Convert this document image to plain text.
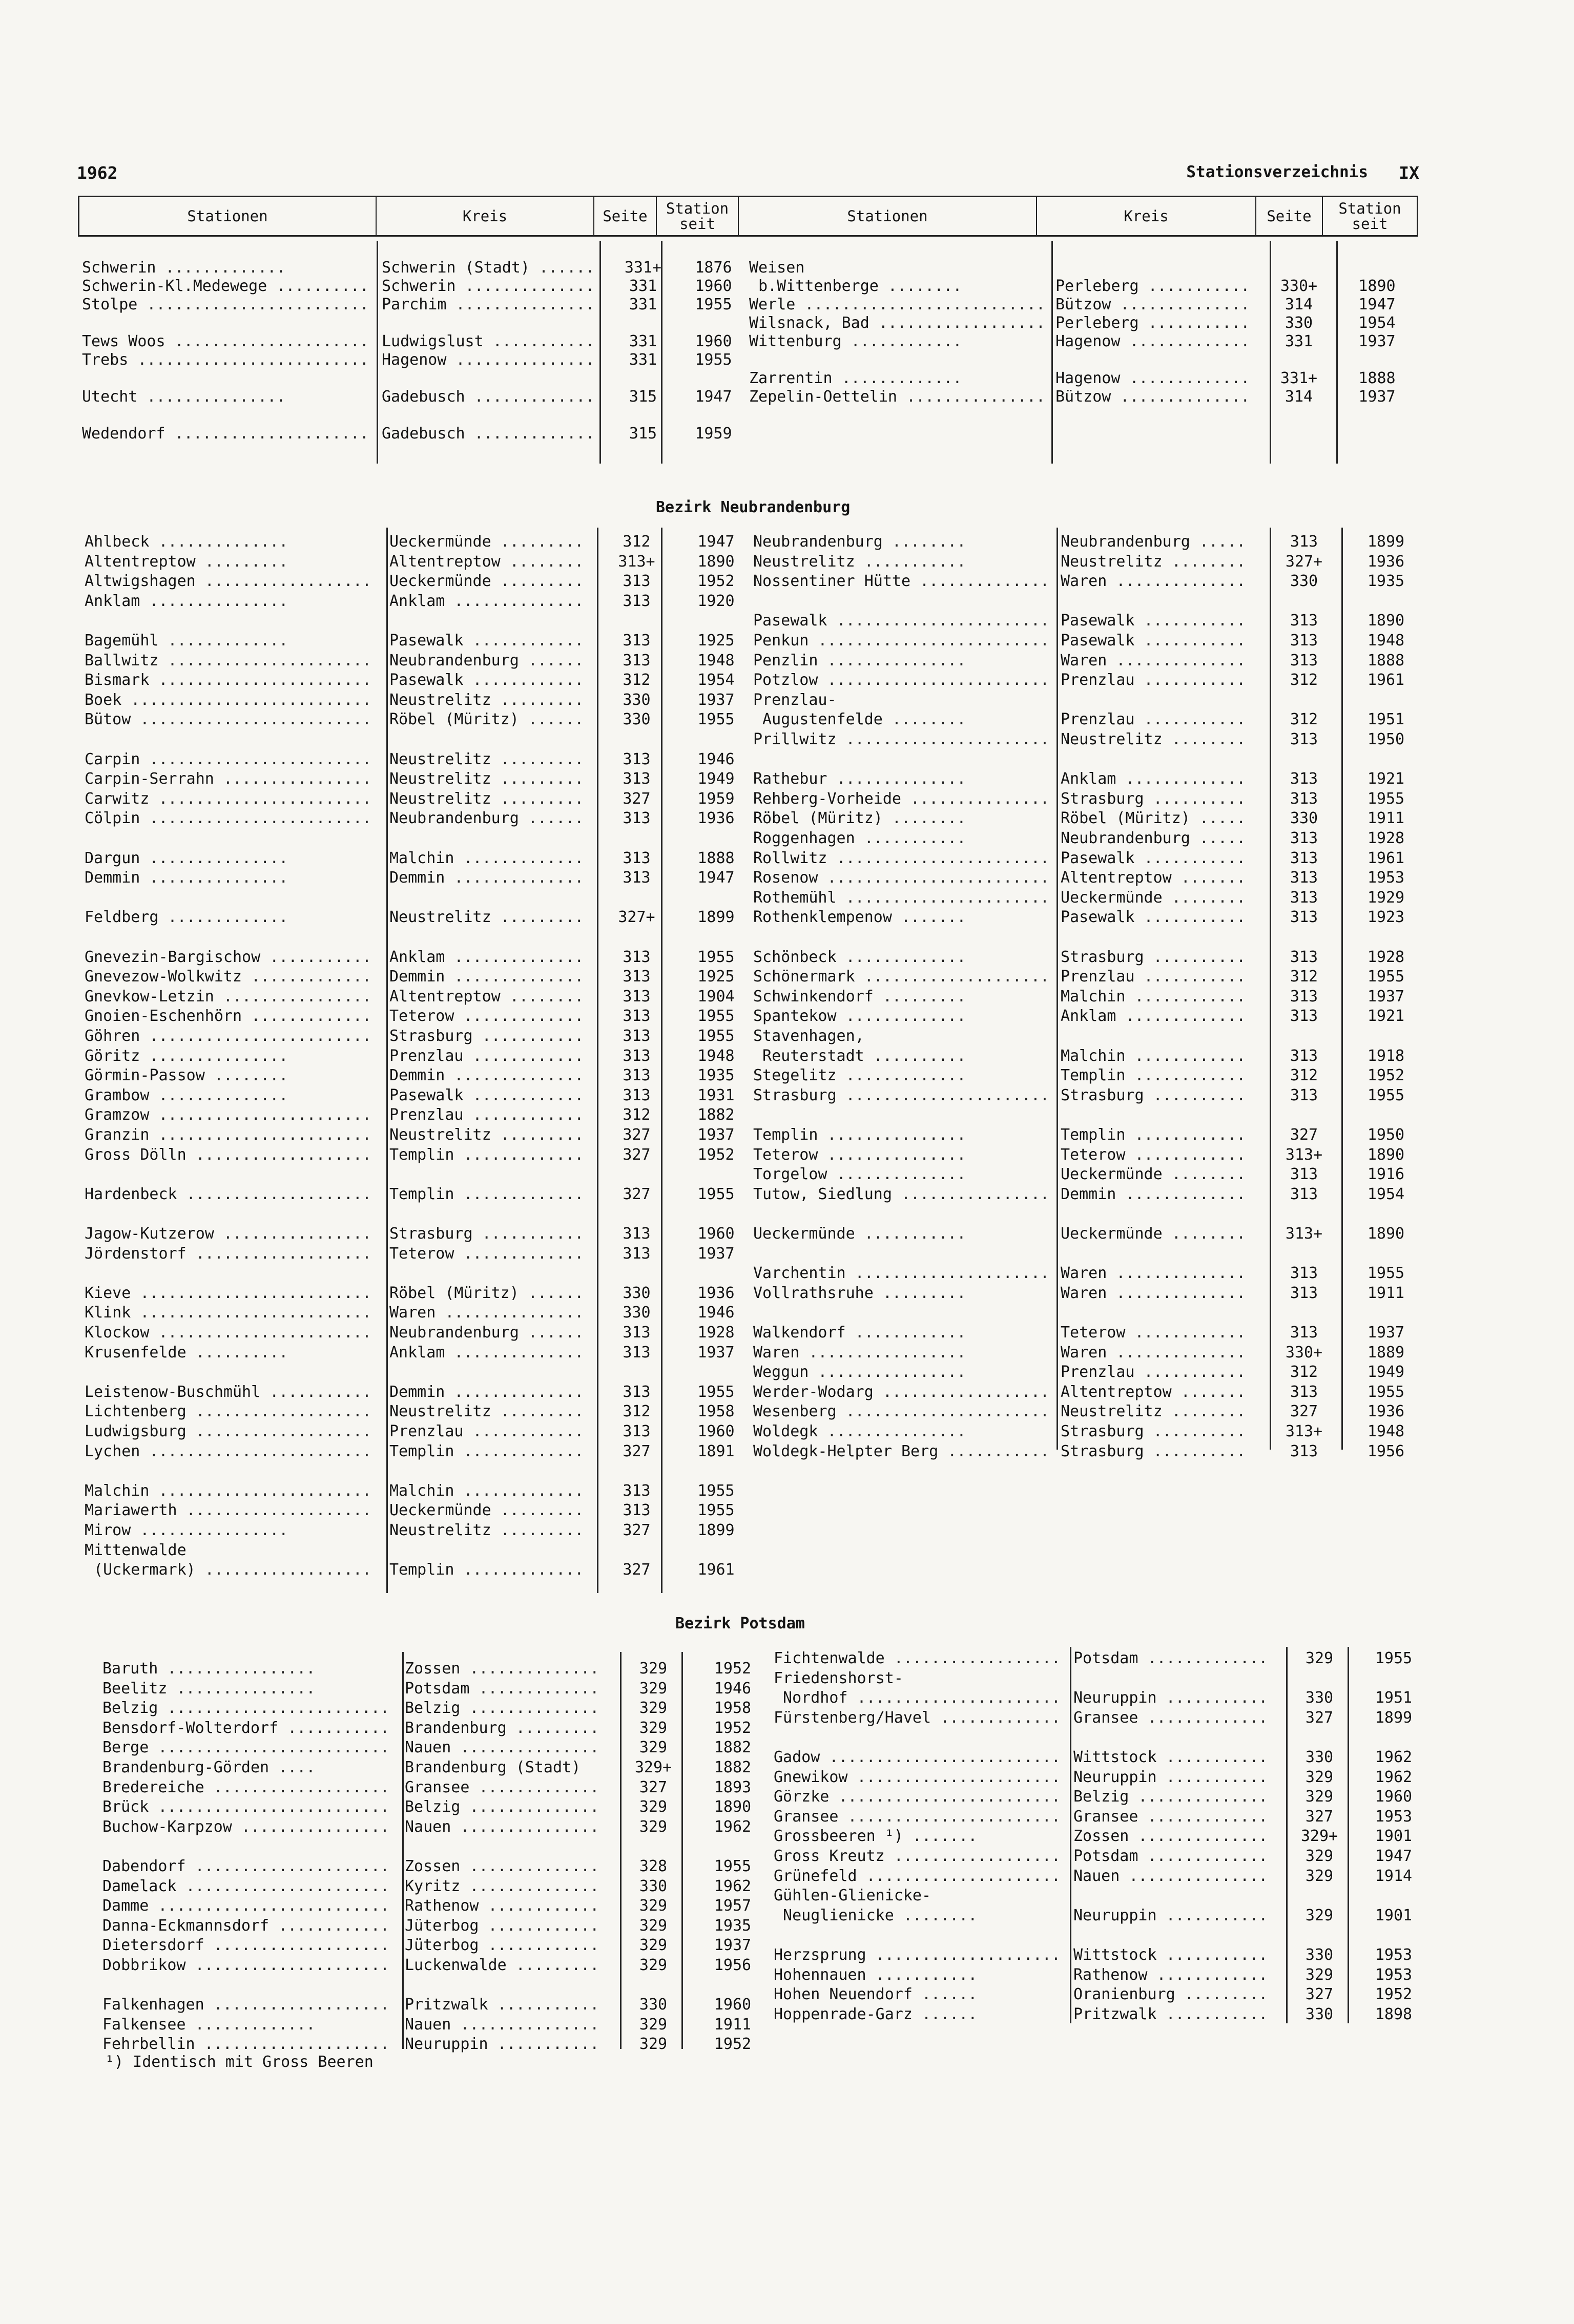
1962	Stationsverzeichnis IX
Stationen	Kreis	Seite	Station seit	Stationen	Kreis	Seite	Station seit
Bezirk Neubrandenburg
Bezirk Potsdam
Schwerin .............	Schwerin (Stadt) ...... 331+	1876
Schwerin-Kl.Medewege .......... Schwerin ..............	331	1960
Stolpe ........................ Parchim ...............	331	1955
Tews Woos ..................... Ludwigslust ...........	331	1960
Trebs ......................... Hagenow ...............	331	1955
Utecht ...............	Gadebusch .............	315	1947
Wedendorf ..................... Gadebusch .............	315	1959
Weisen
b.Wittenberge ........	Perleberg ...........	330+	1890
Werle .......................... Bützow ..............	314	1947
Wilsnack, Bad .................. Perleberg ...........	330	1954
Wittenburg ............	Hagenow .............	331	1937
Zarrentin .............	Hagenow .............	331+	1888
Zepelin-Oettelin ............... Bützow ..............	314	1937
Ahlbeck ..............	Ueckermünde .........	312	1947
Altentreptow .........	Altentreptow ........	313+	1890
Altwigshagen .................. Ueckermünde .........	313	1952
Anklam ...............	Anklam ..............	313	1920
Bagemühl .............	Pasewalk ............	313	1925
Ballwitz ...................... Neubrandenburg ......	313	1948
Bismark ....................... Pasewalk ............	312	1954
Boek .......................... Neustrelitz .........	330	1937
Bütow ......................... Röbel (Müritz) ......	330	1955
Carpin ........................ Neustrelitz .........	313	1946
Carpin-Serrahn ................ Neustrelitz .........	313	1949
Carwitz ....................... Neustrelitz .........	327	1959
Cölpin ........................ Neubrandenburg ......	313	1936
Dargun ...............	Malchin .............	313	1888
Demmin ...............	Demmin ..............	313	1947
Feldberg .............	Neustrelitz .........	327+	1899
Gnevezin-Bargischow ........... Anklam ..............	313	1955
Gnevezow-Wolkwitz ............. Demmin ..............	313	1925
Gnevkow-Letzin ................ Altentreptow ........	313	1904
Gnoien-Eschenhörn ............. Teterow .............	313	1955
Göhren ........................ Strasburg ...........	313	1955
Göritz ...............	Prenzlau ............	313	1948
Görmin-Passow ........	Demmin ..............	313	1935
Grambow ..............	Pasewalk ............	313	1931
Gramzow ....................... Prenzlau ............	312	1882
Granzin ....................... Neustrelitz .........	327	1937
Gross Dölln ................... Templin .............	327	1952
Hardenbeck .................... Templin .............	327	1955
Jagow-Kutzerow ................ Strasburg ...........	313	1960
Jördenstorf ................... Teterow .............	313	1937
Kieve ......................... Röbel (Müritz) ......	330	1936
Klink ......................... Waren ...............	330	1946
Klockow ....................... Neubrandenburg ......	313	1928
Krusenfelde ..........	Anklam ..............	313	1937
Leistenow-Buschmühl ........... Demmin ..............	313	1955
Lichtenberg ................... Neustrelitz .........	312	1958
Ludwigsburg ................... Prenzlau ............	313	1960
Lychen ........................ Templin .............	327	1891
Malchin ....................... Malchin .............	313	1955
Mariawerth .................... Ueckermünde .........	313	1955
Mirow ................	Neustrelitz .........	327	1899
Mittenwalde
(Uckermark) .................. Templin .............	327	1961
Neubrandenburg ........	Neubrandenburg .....	313	1899
Neustrelitz ...........	Neustrelitz ........	327+	1936
Nossentiner Hütte .............. Waren ..............	330	1935
Pasewalk ....................... Pasewalk ...........	313	1890
Penkun ......................... Pasewalk ...........	313	1948
Penzlin ...............	Waren ..............	313	1888
Potzlow ........................ Prenzlau ...........	312	1961
Prenzlau-
Augustenfelde ........	Prenzlau ...........	312	1951
Prillwitz ...................... Neustrelitz ........	313	1950
Rathebur ..............	Anklam .............	313	1921
Rehberg-Vorheide ............... Strasburg ..........	313	1955
Röbel (Müritz) ........	Röbel (Müritz) .....	330	1911
Roggenhagen ...........	Neubrandenburg .....	313	1928
Rollwitz ....................... Pasewalk ...........	313	1961
Rosenow ........................ Altentreptow .......	313	1953
Rothemühl ...................... Ueckermünde ........	313	1929
Rothenklempenow .......	Pasewalk ...........	313	1923
Schönbeck .............	Strasburg ..........	313	1928
Schönermark .................... Prenzlau ...........	312	1955
Schwinkendorf .........	Malchin ............	313	1937
Spantekow .............	Anklam .............	313	1921
Stavenhagen,
Reuterstadt ..........	Malchin ............	313	1918
Stegelitz .............	Templin ............	312	1952
Strasburg ...................... Strasburg ..........	313	1955
Templin ...............	Templin ............	327	1950
Teterow ...............	Teterow ............	313+	1890
Torgelow ..............	Ueckermünde ........	313	1916
Tutow, Siedlung ................ Demmin .............	313	1954
Ueckermünde ...........	Ueckermünde ........	313+	1890
Varchentin ..................... Waren ..............	313	1955
Vollrathsruhe .........	Waren ..............	313	1911
Walkendorf ............	Teterow ............	313	1937
Waren .................	Waren ..............	330+	1889
Weggun ................	Prenzlau ...........	312	1949
Werder-Wodarg .................. Altentreptow .......	313	1955
Wesenberg ...................... Neustrelitz ........	327	1936
Woldegk ...............	Strasburg ..........	313+	1948
Woldegk-Helpter Berg ........... Strasburg ..........	313	1956
Baruth ................	Zossen ..............	329	1952
Beelitz ...............	Potsdam .............	329	1946
Belzig ........................ Belzig ..............	329	1958
Bensdorf-Wolterdorf ........... Brandenburg .........	329	1952
Berge ......................... Nauen ...............	329	1882
Brandenburg-Görden ....	Brandenburg (Stadt)	329+	1882
Bredereiche ................... Gransee .............	327	1893
Brück ......................... Belzig ..............	329	1890
Buchow-Karpzow ................ Nauen ...............	329	1962
Dabendorf ..................... Zossen ..............	328	1955
Damelack ...................... Kyritz ..............	330	1962
Damme ......................... Rathenow ............	329	1957
Danna-Eckmannsdorf ............ Jüterbog ............	329	1935
Dietersdorf ................... Jüterbog ............	329	1937
Dobbrikow ..................... Luckenwalde .........	329	1956
Falkenhagen ................... Pritzwalk ...........	330	1960
Falkensee .............	Nauen ...............	329	1911
Fehrbellin .................... Neuruppin ...........	329	1952
Fichtenwalde .................. Potsdam .............	329	1955
Friedenshorst-
Nordhof ...................... Neuruppin ...........	330	1951
Fürstenberg/Havel ............. Gransee .............	327	1899
Gadow ......................... Wittstock ...........	330	1962
Gnewikow ...................... Neuruppin ...........	329	1962
Görzke ........................ Belzig ..............	329	1960
Gransee ....................... Gransee .............	327	1953
Grossbeeren ¹) .......	Zossen ..............	329+	1901
Gross Kreutz .................. Potsdam .............	329	1947
Grünefeld ..................... Nauen ...............	329	1914
Gühlen-Glienicke-
Neuglienicke ........	Neuruppin ...........	329	1901
Herzsprung .................... Wittstock ...........	330	1953
Hohennauen ...........	Rathenow ............	329	1953
Hohen Neuendorf ......	Oranienburg .........	327	1952
Hoppenrade-Garz ......	Pritzwalk ...........	330	1898
¹) Identisch mit Gross Beeren
